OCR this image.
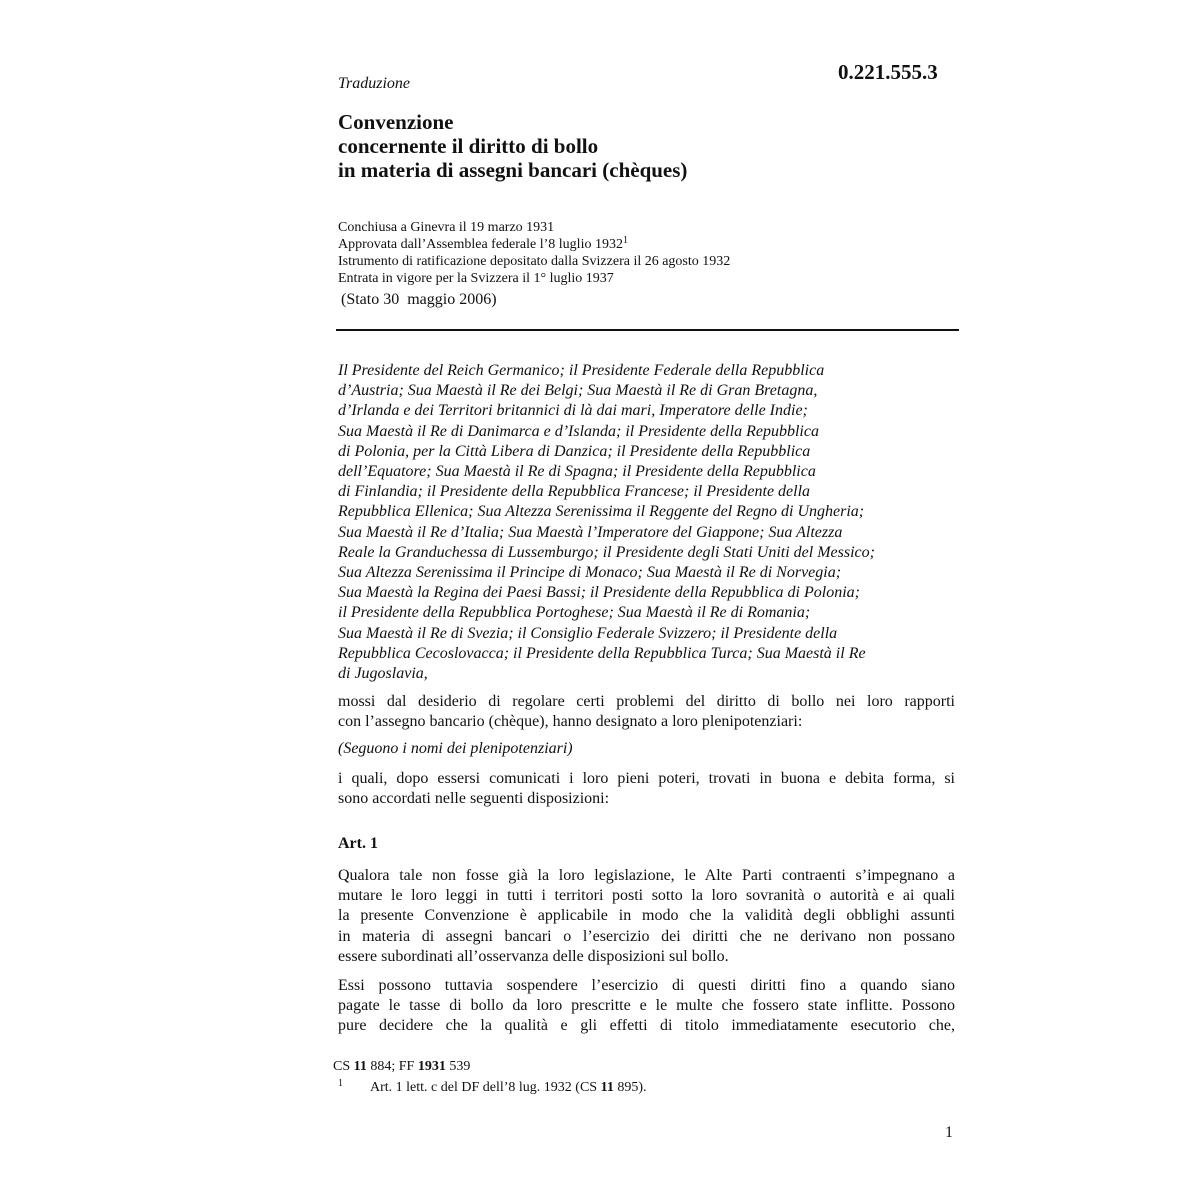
Traduzione	0.221.555.3
Convenzione
concernente il diritto di bollo
in materia di assegni bancari (chèques)
Conchiusa a Ginevra il 19 marzo 1931
Approvata dall’Assemblea federale l’8 luglio 1932$^1$
Istrumento di ratificazione depositato dalla Svizzera il 26 agosto 1932
Entrata in vigore per la Svizzera il 1° luglio 1937
(Stato 30  maggio 2006)
Il Presidente del Reich Germanico; il Presidente Federale della Repubblica
d’Austria; Sua Maestà il Re dei Belgi; Sua Maestà il Re di Gran Bretagna,
d’Irlanda e dei Territori britannici di là dai mari, Imperatore delle Indie;
Sua Maestà il Re di Danimarca e d’Islanda; il Presidente della Repubblica
di Polonia, per la Città Libera di Danzica; il Presidente della Repubblica
dell’Equatore; Sua Maestà il Re di Spagna; il Presidente della Repubblica
di Finlandia; il Presidente della Repubblica Francese; il Presidente della
Repubblica Ellenica; Sua Altezza Serenissima il Reggente del Regno di Ungheria;
Sua Maestà il Re d’Italia; Sua Maestà l’Imperatore del Giappone; Sua Altezza
Reale la Granduchessa di Lussemburgo; il Presidente degli Stati Uniti del Messico;
Sua Altezza Serenissima il Principe di Monaco; Sua Maestà il Re di Norvegia;
Sua Maestà la Regina dei Paesi Bassi; il Presidente della Repubblica di Polonia;
il Presidente della Repubblica Portoghese; Sua Maestà il Re di Romania;
Sua Maestà il Re di Svezia; il Consiglio Federale Svizzero; il Presidente della
Repubblica Cecoslovacca; il Presidente della Repubblica Turca; Sua Maestà il Re
di Jugoslavia,
mossi dal desiderio di regolare certi problemi del diritto di bollo nei loro rapporti
con l’assegno bancario (chèque), hanno designato a loro plenipotenziari:
(Seguono i nomi dei plenipotenziari)
i quali, dopo essersi comunicati i loro pieni poteri, trovati in buona e debita forma, si
sono accordati nelle seguenti disposizioni:
Art. 1
Qualora tale non fosse già la loro legislazione, le Alte Parti contraenti s’impegnano a
mutare le loro leggi in tutti i territori posti sotto la loro sovranità o autorità e ai quali
la presente Convenzione è applicabile in modo che la validità degli obblighi assunti
in materia di assegni bancari o l’esercizio dei diritti che ne derivano non possano
essere subordinati all’osservanza delle disposizioni sul bollo.
Essi possono tuttavia sospendere l’esercizio di questi diritti fino a quando siano
pagate le tasse di bollo da loro prescritte e le multe che fossero state inflitte. Possono
pure decidere che la qualità e gli effetti di titolo immediatamente esecutorio che,
CS 11 884; FF 1931 539
1 Art. 1 lett. c del DF dell’8 lug. 1932 (CS 11 895).
1
